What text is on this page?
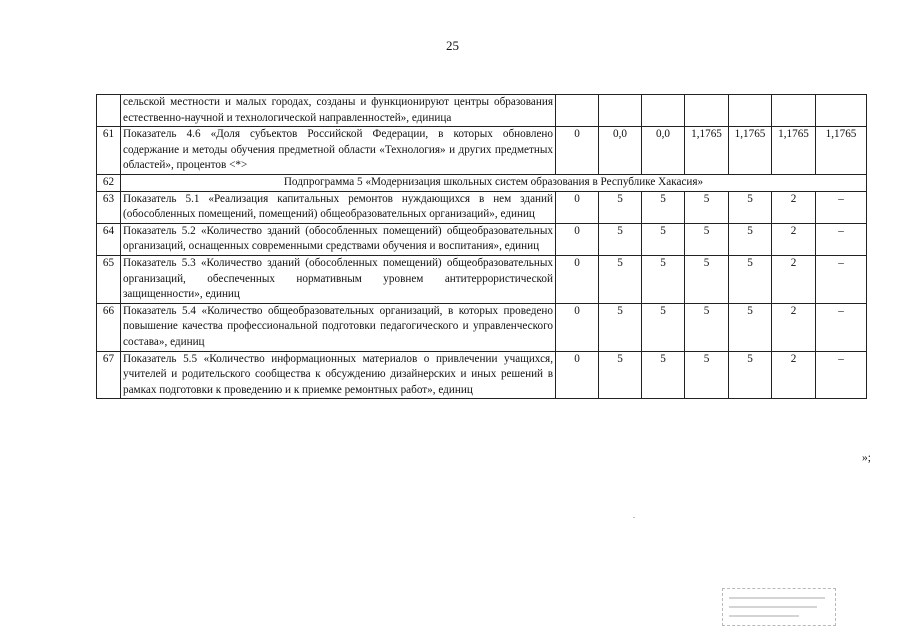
25
	сельской местности и малых городах, созданы и функционируют центры образования естественно-научной и технологической направленностей», единица							
61	Показатель 4.6 «Доля субъектов Российской Федерации, в которых обновлено содержание и методы обучения предметной области «Технология» и других предметных областей», процентов <*>	0	0,0	0,0	1,1765	1,1765	1,1765	1,1765
62	Подпрограмма 5 «Модернизация школьных систем образования в Республике Хакасия»							
63	Показатель 5.1 «Реализация капитальных ремонтов нуждающихся в нем зданий (обособленных помещений, помещений) общеобразовательных организаций», единиц	0	5	5	5	5	2	–
64	Показатель 5.2 «Количество зданий (обособленных помещений) общеобразовательных организаций, оснащенных современными средствами обучения и воспитания», единиц	0	5	5	5	5	2	–
65	Показатель 5.3 «Количество зданий (обособленных помещений) общеобразовательных организаций, обеспеченных нормативным уровнем антитеррористической защищенности», единиц	0	5	5	5	5	2	–
66	Показатель 5.4 «Количество общеобразовательных организаций, в которых проведено повышение качества профессиональной подготовки педагогического и управленческого состава», единиц	0	5	5	5	5	2	–
67	Показатель 5.5 «Количество информационных материалов о привлечении учащихся, учителей и родительского сообщества к обсуждению дизайнерских и иных решений в рамках подготовки к проведению и к приемке ремонтных работ», единиц	0	5	5	5	5	2	–
»;
